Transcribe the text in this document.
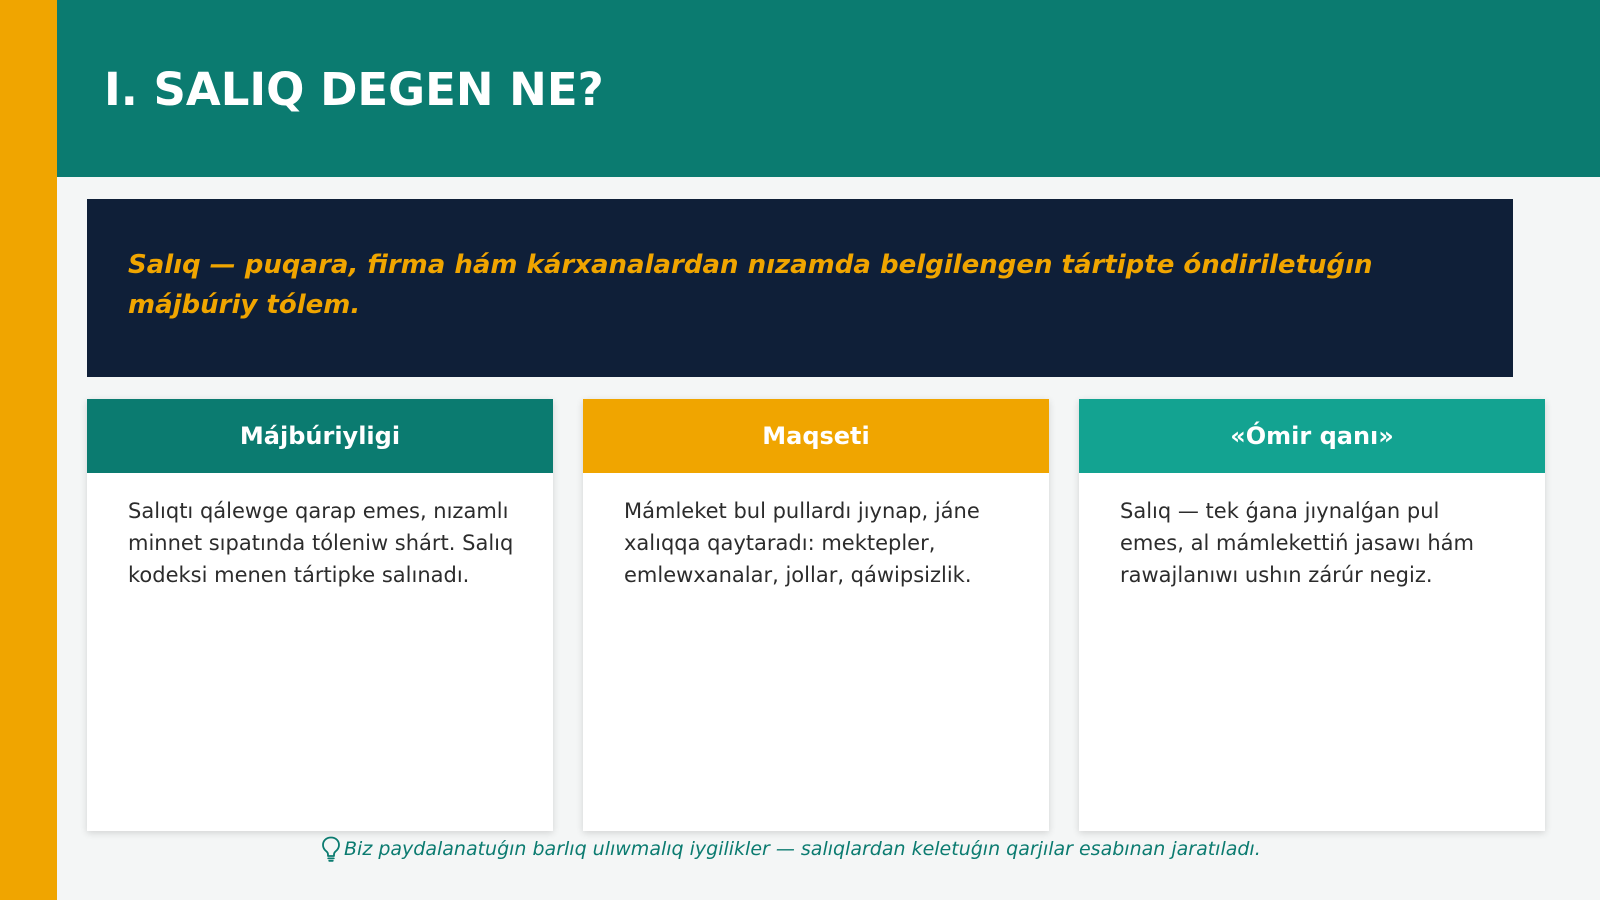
I. SALIQ DEGEN NE?

Salıq — puqara, firma hám kárxanalardan nızamda belgilengen tártipte óndiriletuǵın májbúriy tólem.

Májbúriyligi
Salıqtı qálewge qarap emes, nızamlı minnet sıpatında tóleniw shárt. Salıq kodeksi menen tártipke salınadı.
Maqseti
Mámleket bul pullardı jıynap, jáne xalıqqa qaytaradı: mektepler, emlewxanalar, jollar, qáwipsizlik.
«Ómir qanı»
Salıq — tek ǵana jıynalǵan pul emes, al mámlekettiń jasawı hám rawajlanıwı ushın zárúr negiz.
Biz paydalanatuǵın barlıq ulıwmalıq iygilikler — salıqlardan keletuǵın qarjılar esabınan jaratıladı.
